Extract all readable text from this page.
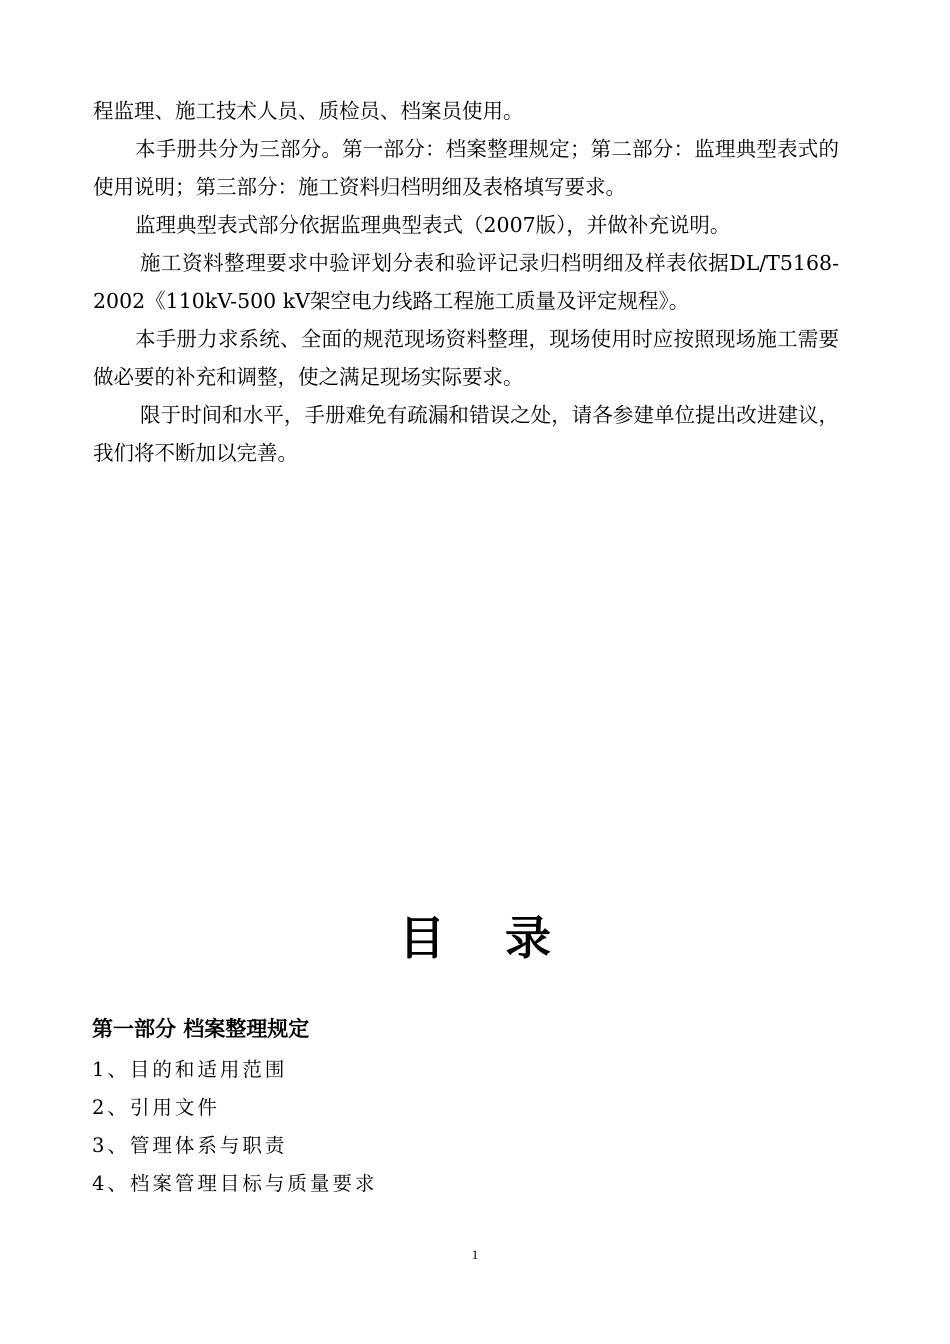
程监理、施工技术人员、质检员、档案员使用。

本手册共分为三部分。第一部分：档案整理规定；第二部分：监理典型表式的使用说明；第三部分：施工资料归档明细及表格填写要求。

监理典型表式部分依据监理典型表式（2007版），并做补充说明。

施工资料整理要求中验评划分表和验评记录归档明细及样表依据DL/T5168-2002《110kV-500 kV架空电力线路工程施工质量及评定规程》。

本手册力求系统、全面的规范现场资料整理，现场使用时应按照现场施工需要做必要的补充和调整，使之满足现场实际要求。

限于时间和水平，手册难免有疏漏和错误之处，请各参建单位提出改进建议，我们将不断加以完善。

目录
第一部分 档案整理规定
1、目的和适用范围
2、引用文件
3、管理体系与职责
4、档案管理目标与质量要求
1
